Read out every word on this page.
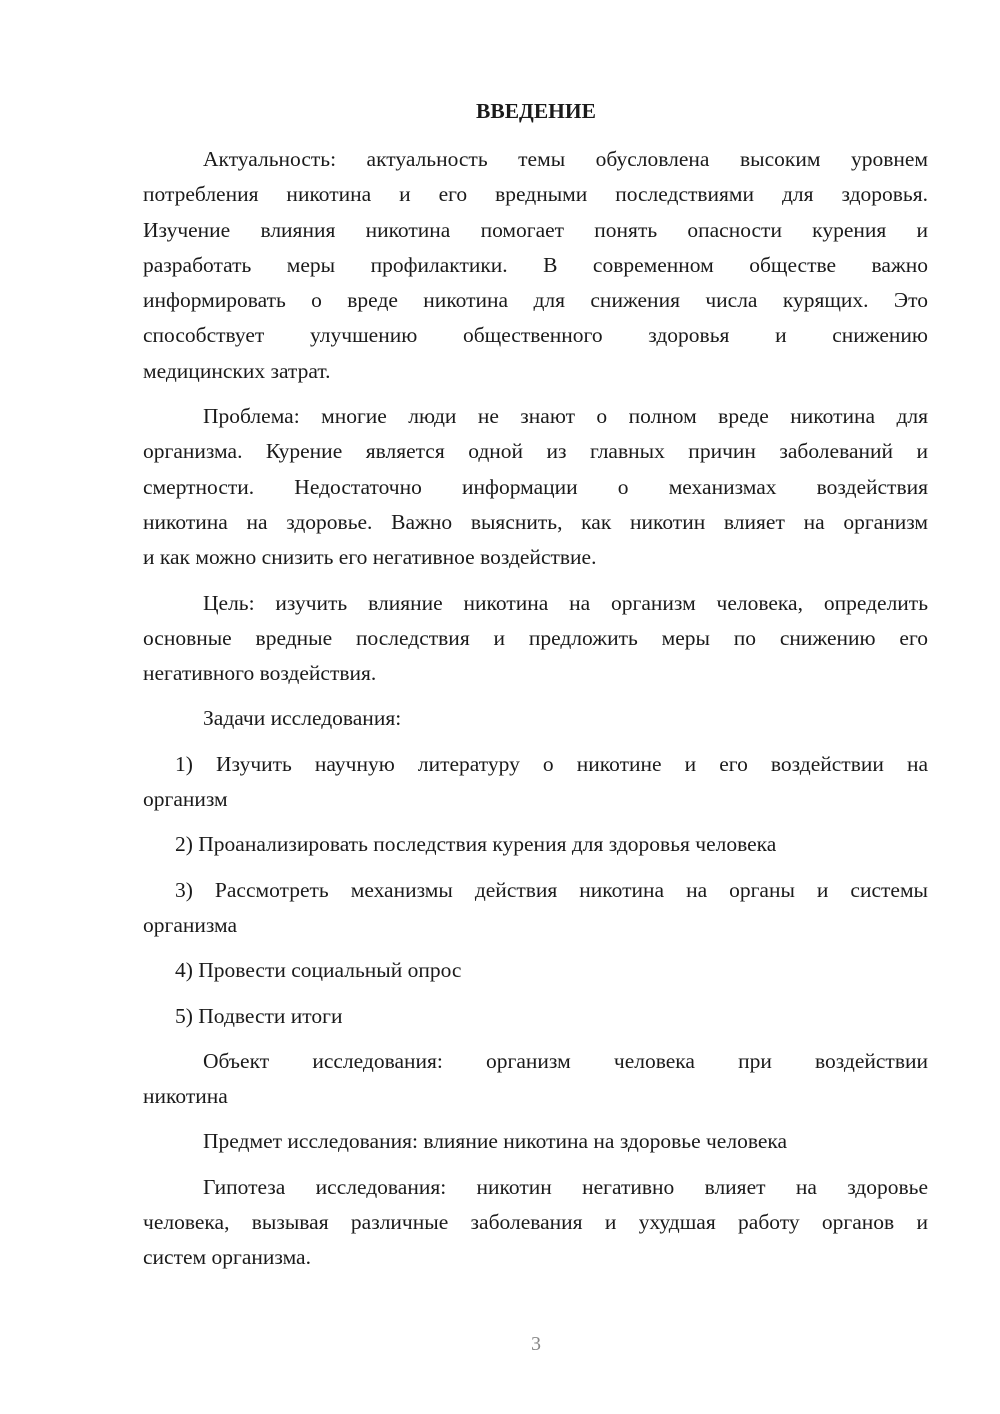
ВВЕДЕНИЕ
Актуальность: актуальность темы обусловлена высоким уровнем
потребления никотина и его вредными последствиями для здоровья.
Изучение влияния никотина помогает понять опасности курения и
разработать меры профилактики. В современном обществе важно
информировать о вреде никотина для снижения числа курящих. Это
способствует улучшению общественного здоровья и снижению
медицинских затрат.
Проблема: многие люди не знают о полном вреде никотина для
организма. Курение является одной из главных причин заболеваний и
смертности. Недостаточно информации о механизмах воздействия
никотина на здоровье. Важно выяснить, как никотин влияет на организм
и как можно снизить его негативное воздействие.
Цель: изучить влияние никотина на организм человека, определить
основные вредные последствия и предложить меры по снижению его
негативного воздействия.
Задачи исследования:
1) Изучить научную литературу о никотине и его воздействии на
организм
2) Проанализировать последствия курения для здоровья человека
3) Рассмотреть механизмы действия никотина на органы и системы
организма
4) Провести социальный опрос
5) Подвести итоги
Объект исследования: организм человека при воздействии
никотина
Предмет исследования: влияние никотина на здоровье человека
Гипотеза исследования: никотин негативно влияет на здоровье
человека, вызывая различные заболевания и ухудшая работу органов и
систем организма.
3
